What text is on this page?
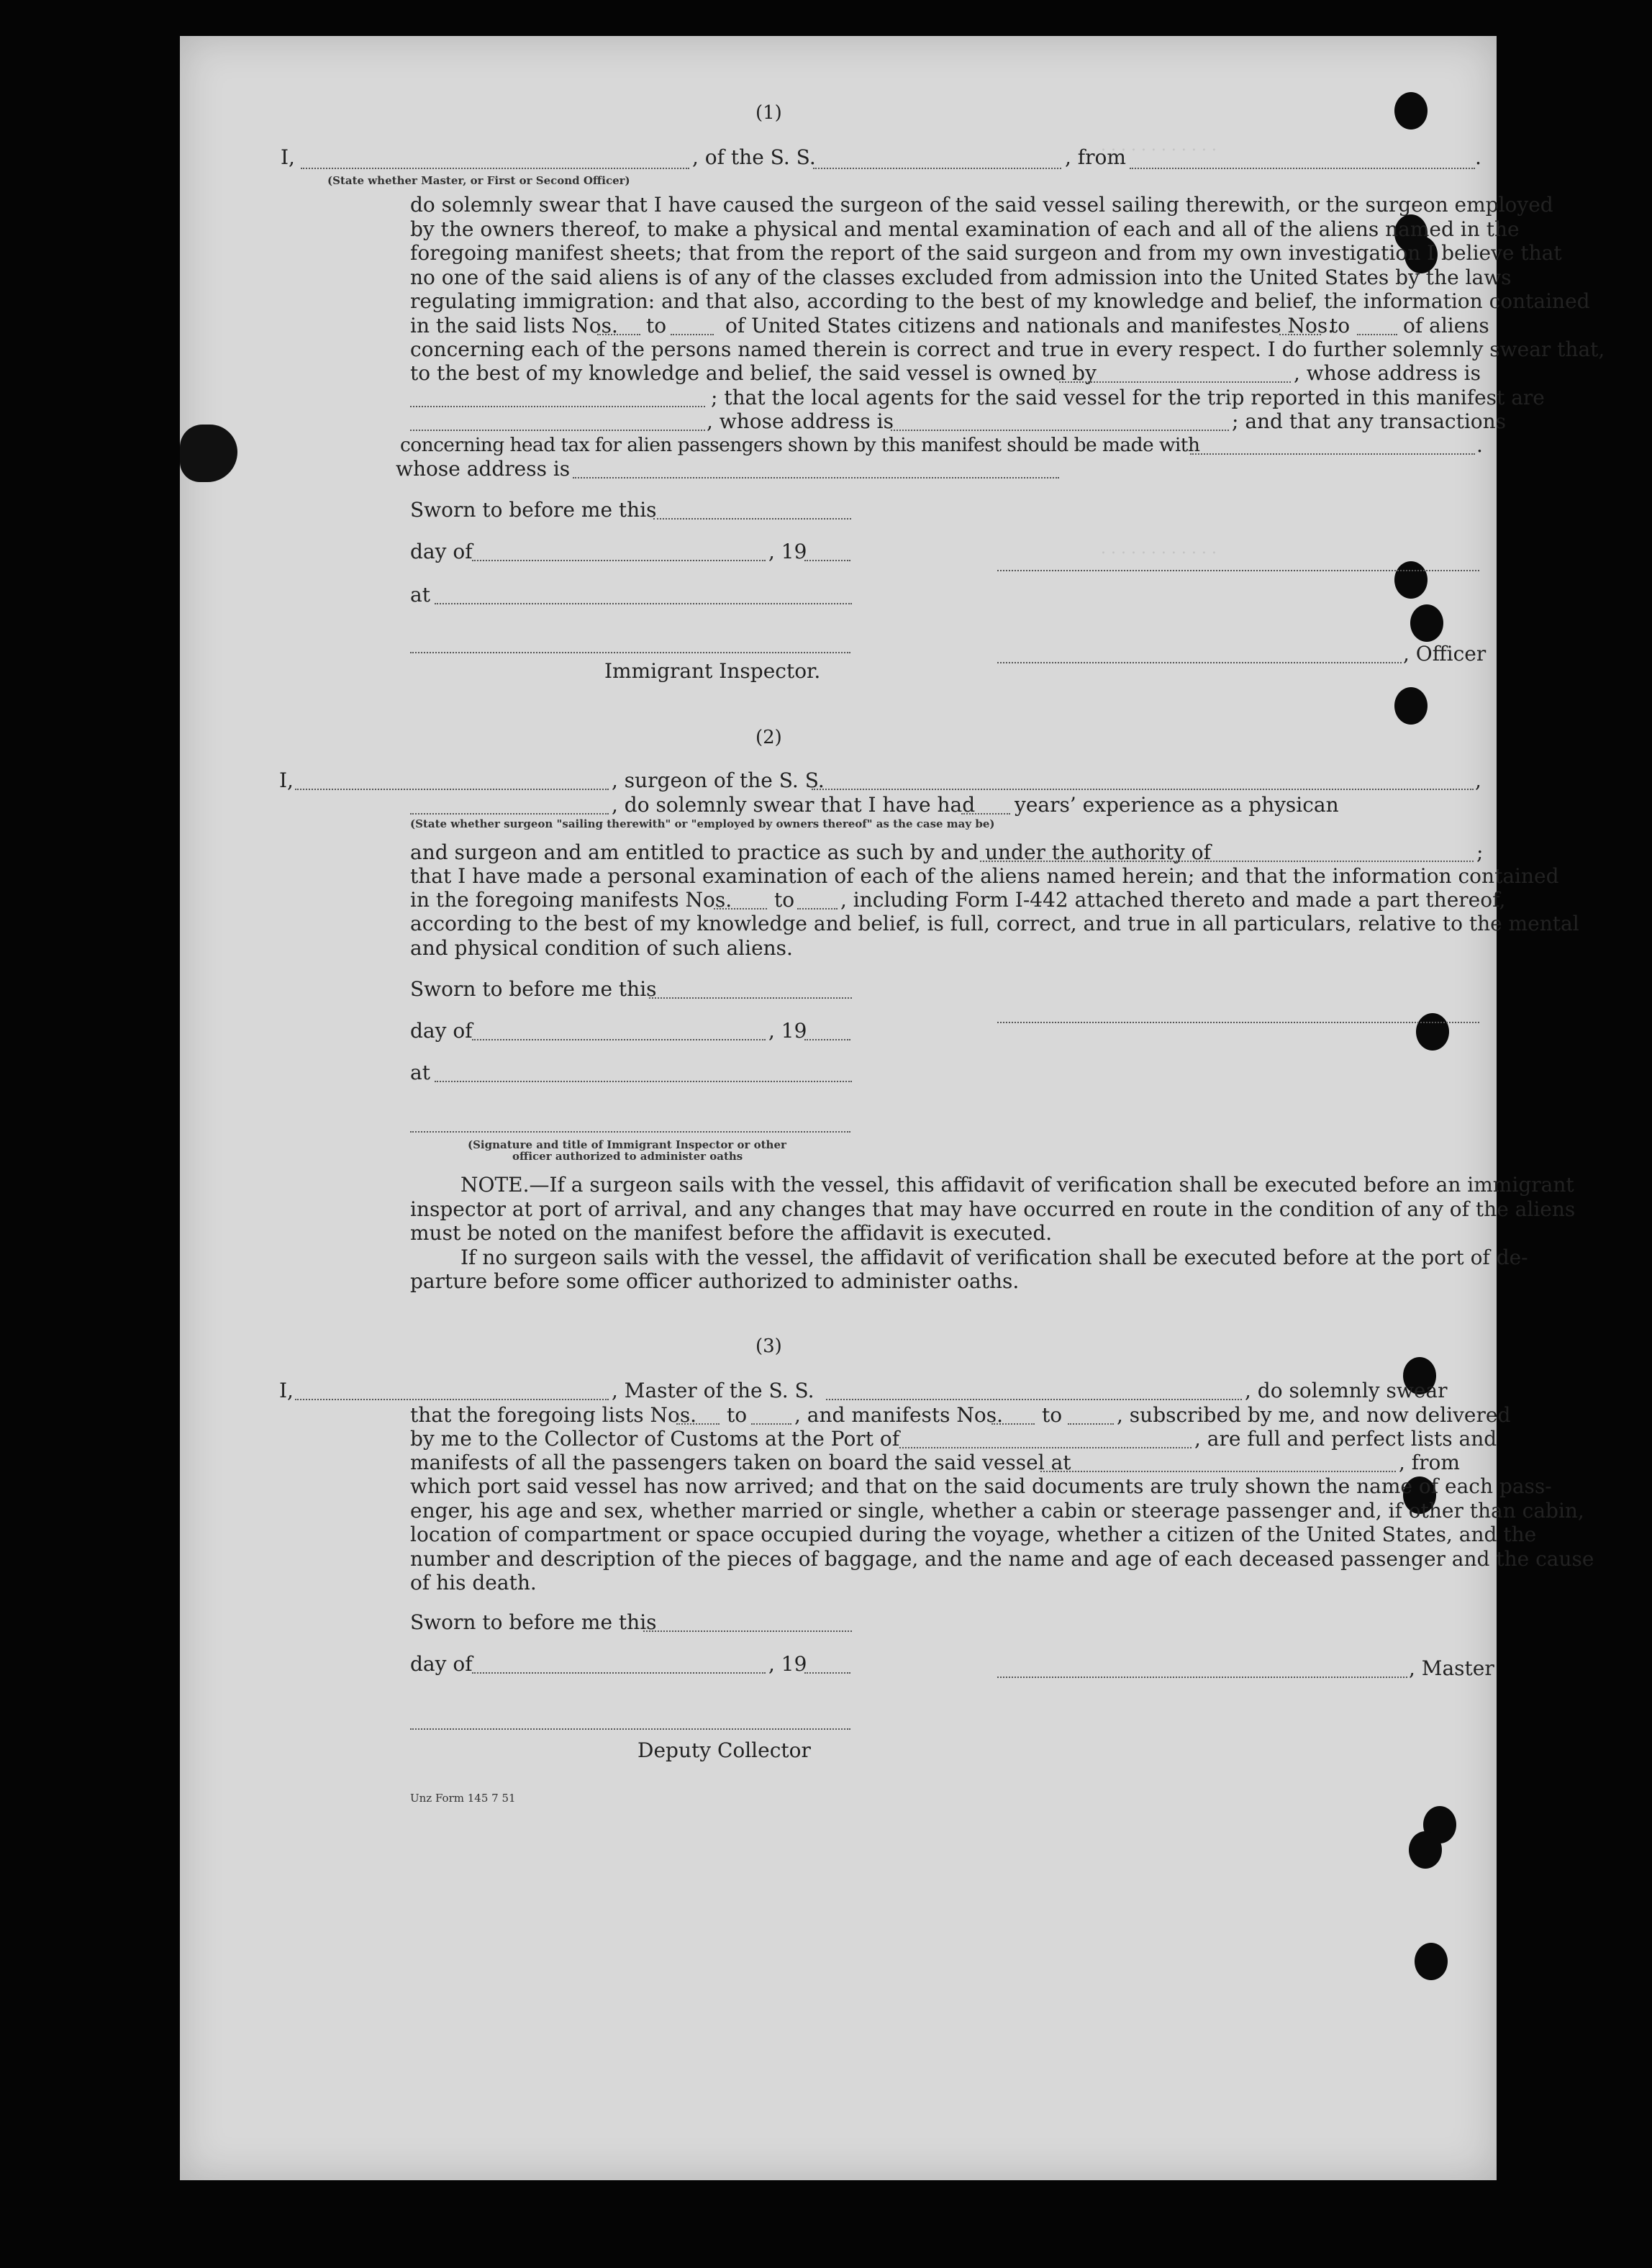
. . . . . . . . . . . .
. . . . . . . . . . . .
(1)
I,	, of the S. S.	, from	.
(State whether Master, or First or Second Officer)
do solemnly swear that I have caused the surgeon of the said vessel sailing therewith, or the surgeon employed
by the owners thereof, to make a physical and mental examination of each and all of the aliens named in the
foregoing manifest sheets; that from the report of the said surgeon and from my own investigation I believe that
no one of the said aliens is of any of the classes excluded from admission into the United States by the laws
regulating immigration: and that also, according to the best of my knowledge and belief, the information contained
in the said lists Nos. to	of United States citizens and nationals and manifestes Nos.
to	of aliens
concerning each of the persons named therein is correct and true in every respect. I do further solemnly swear that,
to the best of my knowledge and belief, the said vessel is owned by	, whose address is
; that the local agents for the said vessel for the trip reported in this manifest are
, whose address is	; and that any transactions
concerning head tax for alien passengers shown by this manifest should be made with	.
whose address is
Sworn to before me this
day of	, 19
at
, Officer
Immigrant Inspector.
(2)
I,	, surgeon of the S. S.	,
, do solemnly swear that I have had years’ experience as a physican
(State whether surgeon "sailing therewith" or "employed by owners thereof" as the case may be)
and surgeon and am entitled to practice as such by and under the authority of	;
that I have made a personal examination of each of the aliens named herein; and that the information contained
in the foregoing manifests Nos. to , including Form I-442 attached thereto and made a part thereof,
according to the best of my knowledge and belief, is full, correct, and true in all particulars, relative to the mental
and physical condition of such aliens.
Sworn to before me this
day of	, 19
at
(Signature and title of Immigrant Inspector or other
officer authorized to administer oaths
NOTE.—If a surgeon sails with the vessel, this affidavit of verification shall be executed before an immigrant
inspector at port of arrival, and any changes that may have occurred en route in the condition of any of the aliens
must be noted on the manifest before the affidavit is executed.
If no surgeon sails with the vessel, the affidavit of verification shall be executed before at the port of de-
parture before some officer authorized to administer oaths.
(3)
I,	, Master of the S. S.	, do solemnly swear
that the foregoing lists Nos. to , and manifests Nos. to	, subscribed by me, and now delivered
by me to the Collector of Customs at the Port of	, are full and perfect lists and
manifests of all the passengers taken on board the said vessel at	, from
which port said vessel has now arrived; and that on the said documents are truly shown the name of each pass-
enger, his age and sex, whether married or single, whether a cabin or steerage passenger and, if other than cabin,
location of compartment or space occupied during the voyage, whether a citizen of the United States, and the
number and description of the pieces of baggage, and the name and age of each deceased passenger and the cause
of his death.
Sworn to before me this
day of	, 19	, Master
Deputy Collector
Unz Form 145 7 51
